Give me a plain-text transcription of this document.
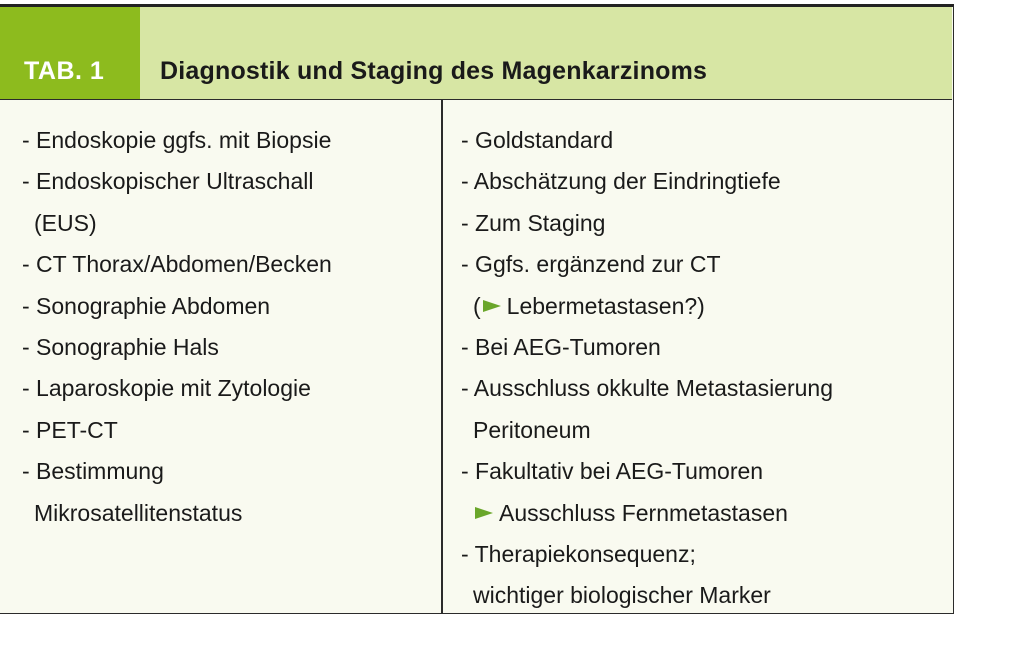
TAB. 1	Diagnostik und Staging des Magenkarzinoms
- Endoskopie ggfs. mit Biopsie
- Endoskopischer Ultraschall
(EUS)
- CT Thorax/Abdomen/Becken
- Sonographie Abdomen
- Sonographie Hals
- Laparoskopie mit Zytologie
- PET-CT
- Bestimmung
Mikrosatellitenstatus
- Goldstandard
- Abschätzung der Eindringtiefe
- Zum Staging
- Ggfs. ergänzend zur CT
( Lebermetastasen?)
- Bei AEG-Tumoren
- Ausschluss okkulte Metastasierung
Peritoneum
- Fakultativ bei AEG-Tumoren
Ausschluss Fernmetastasen
- Therapiekonsequenz;
wichtiger biologischer Marker
